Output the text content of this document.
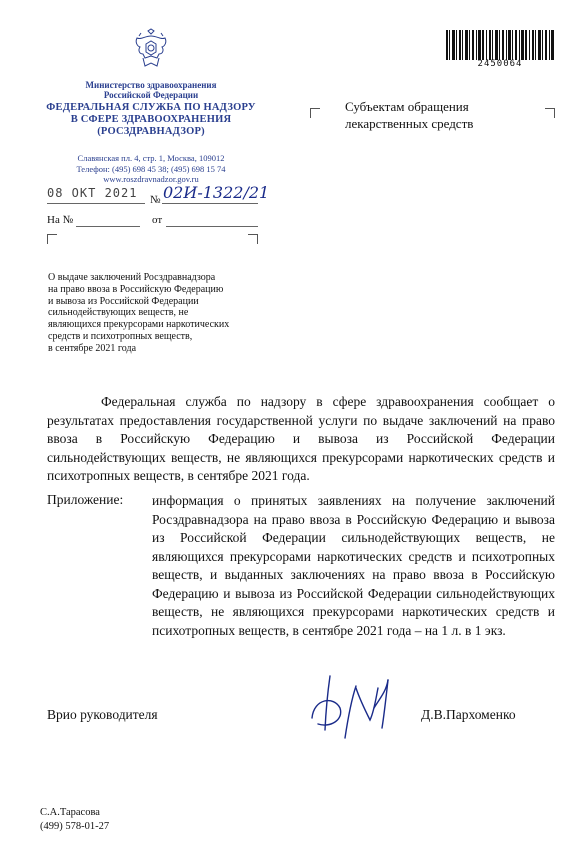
Министерство здравоохранения
Российской Федерации
ФЕДЕРАЛЬНАЯ СЛУЖБА ПО НАДЗОРУ
В СФЕРЕ ЗДРАВООХРАНЕНИЯ
(РОСЗДРАВНАДЗОР)
Славянская пл. 4, стр. 1, Москва, 109012
Телефон: (495) 698 45 38; (495) 698 15 74
www.roszdravnadzor.gov.ru
08 ОКТ 2021	№ 02И-1322/21
На №	от
О выдаче заключений Росздравнадзора
на право ввоза в Российскую Федерацию
и вывоза из Российской Федерации
сильнодействующих веществ, не
являющихся прекурсорами наркотических
средств и психотропных веществ,
в сентябре 2021 года
2450064
Субъектам обращения
лекарственных средств
Федеральная служба по надзору в сфере здравоохранения сообщает о результатах предоставления государственной услуги по выдаче заключений на право ввоза в Российскую Федерацию и вывоза из Российской Федерации сильнодействующих веществ, не являющихся прекурсорами наркотических средств и психотропных веществ, в сентябре 2021 года.
Приложение: информация о принятых заявлениях на получение заключений Росздравнадзора на право ввоза в Российскую Федерацию и вывоза из Российской Федерации сильнодействующих веществ, не являющихся прекурсорами наркотических средств и психотропных веществ, и выданных заключениях на право ввоза в Российскую Федерацию и вывоза из Российской Федерации сильнодействующих веществ, не являющихся прекурсорами наркотических средств и психотропных веществ, в сентябре 2021 года – на 1 л. в 1 экз.
Врио руководителя	Д.В.Пархоменко
С.А.Тарасова
(499) 578-01-27
